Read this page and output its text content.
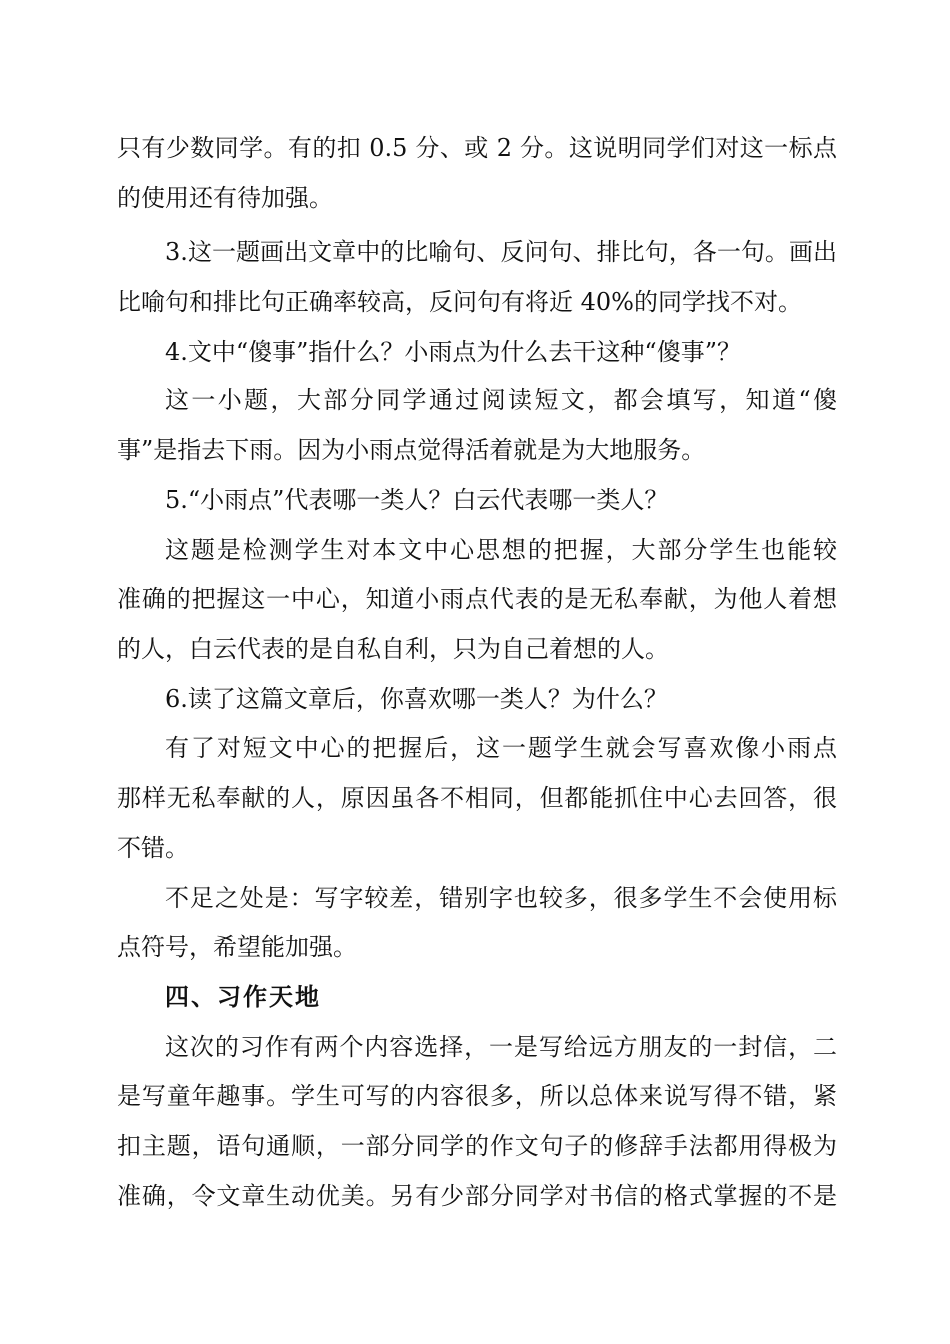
只有少数同学。有的扣 0.5 分、或 2 分。这说明同学们对这一标点
的使用还有待加强。
3.这一题画出文章中的比喻句、反问句、排比句，各一句。画出
比喻句和排比句正确率较高，反问句有将近 40%的同学找不对。
4.文中“傻事”指什么？小雨点为什么去干这种“傻事”？
这一小题，大部分同学通过阅读短文，都会填写，知道“傻
事”是指去下雨。因为小雨点觉得活着就是为大地服务。
5.“小雨点”代表哪一类人？白云代表哪一类人？
这题是检测学生对本文中心思想的把握，大部分学生也能较
准确的把握这一中心，知道小雨点代表的是无私奉献，为他人着想
的人，白云代表的是自私自利，只为自己着想的人。
6.读了这篇文章后，你喜欢哪一类人？为什么？
有了对短文中心的把握后，这一题学生就会写喜欢像小雨点
那样无私奉献的人，原因虽各不相同，但都能抓住中心去回答，很
不错。
不足之处是：写字较差，错别字也较多，很多学生不会使用标
点符号，希望能加强。
四、习作天地
这次的习作有两个内容选择，一是写给远方朋友的一封信，二
是写童年趣事。学生可写的内容很多，所以总体来说写得不错，紧
扣主题，语句通顺，一部分同学的作文句子的修辞手法都用得极为
准确，令文章生动优美。另有少部分同学对书信的格式掌握的不是
